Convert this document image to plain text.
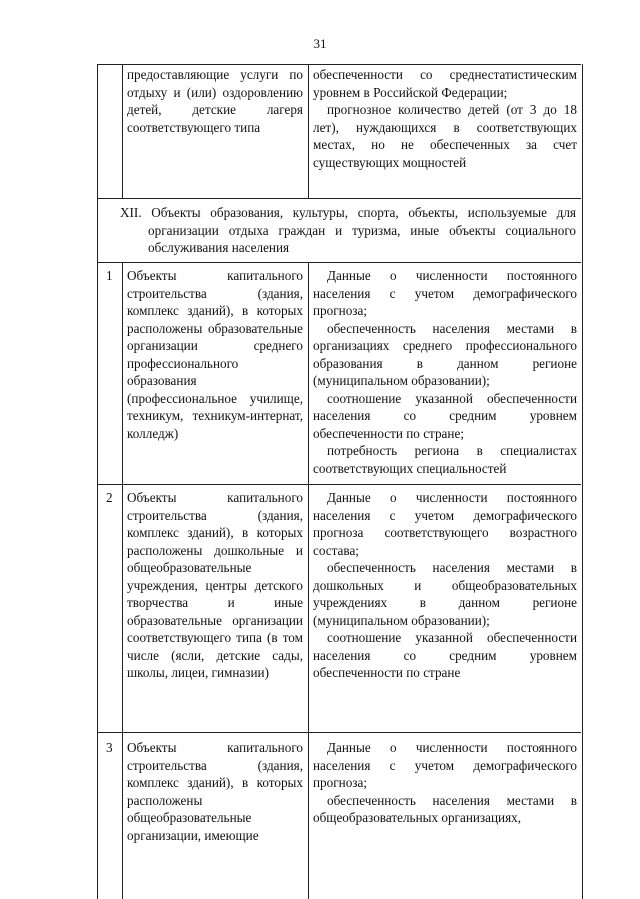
31

предоставляющие услуги по отдыху и (или) оздоровлению детей, детские лагеря соответствующего типа

обеспеченности со среднестатистическим уровнем в Российской Федерации;

прогнозное количество детей (от 3 до 18 лет), нуждающихся в соответствующих местах, но не обеспеченных за счет существующих мощностей

XII. Объекты образования, культуры, спорта, объекты, используемые для организации отдыха граждан и туризма, иные объекты социального обслуживания населения
1 Объекты капитального строительства (здания, комплекс зданий), в которых расположены образовательные организации среднего профессионального образования (профессиональное училище, техникум, техникум-интернат, колледж)

Данные о численности постоянного населения с учетом демографического прогноза;

обеспеченность населения местами в организациях среднего профессионального образования в данном регионе (муниципальном образовании);

соотношение указанной обеспеченности населения со средним уровнем обеспеченности по стране;

потребность региона в специалистах соответствующих специальностей

2 Объекты капитального строительства (здания, комплекс зданий), в которых расположены дошкольные и общеобразовательные учреждения, центры детского творчества и иные образовательные организации соответствующего типа (в том числе (ясли, детские сады, школы, лицеи, гимназии)

Данные о численности постоянного населения с учетом демографического прогноза соответствующего возрастного состава;

обеспеченность населения местами в дошкольных и общеобразовательных учреждениях в данном регионе (муниципальном образовании);

соотношение указанной обеспеченности населения со средним уровнем обеспеченности по стране

3 Объекты капитального строительства (здания, комплекс зданий), в которых расположены общеобразовательные организации, имеющие

Данные о численности постоянного населения с учетом демографического прогноза;

обеспеченность населения местами в общеобразовательных организациях,
